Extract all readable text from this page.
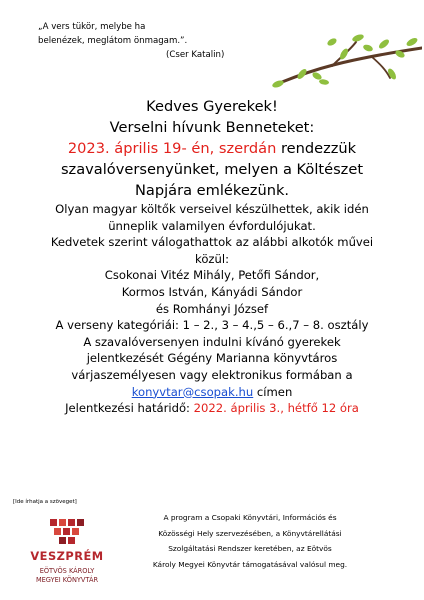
„A vers tükör, melybe ha
belenézek, meglátom önmagam.”.
(Cser Katalin)

Kedves Gyerekek!

Verselni hívunk Benneteket:

2023. április 19- én, szerdán rendezzük

szavalóversenyünket, melyen a Költészet

Napjára emlékezünk.

Olyan magyar költők verseivel készülhettek, akik idén

ünneplik valamilyen évfordulójukat.

Kedvetek szerint válogathattok az alábbi alkotók művei

közül:

Csokonai Vitéz Mihály, Petőfi Sándor,

Kormos István, Kányádi Sándor

és Romhányi József

A verseny kategóriái: 1 – 2., 3 – 4.,5 – 6.,7 – 8. osztály

A szavalóversenyen indulni kívánó gyerekek

jelentkezését Gégény Marianna könyvtáros

várjaszemélyesen vagy elektronikus formában a

konyvtar@csopak.hu címen

Jelentkezési határidő: 2022. április 3., hétfő 12 óra

[Ide írhatja a szöveget]
VESZPRÉM
EÖTVÖS KÁROLY
MEGYEI KÖNYVTÁR
A program a Csopaki Könyvtári, Információs és
Közösségi Hely szervezésében, a Könyvtárellátási
Szolgáltatási Rendszer keretében, az Eötvös
Károly Megyei Könyvtár támogatásával valósul meg.
